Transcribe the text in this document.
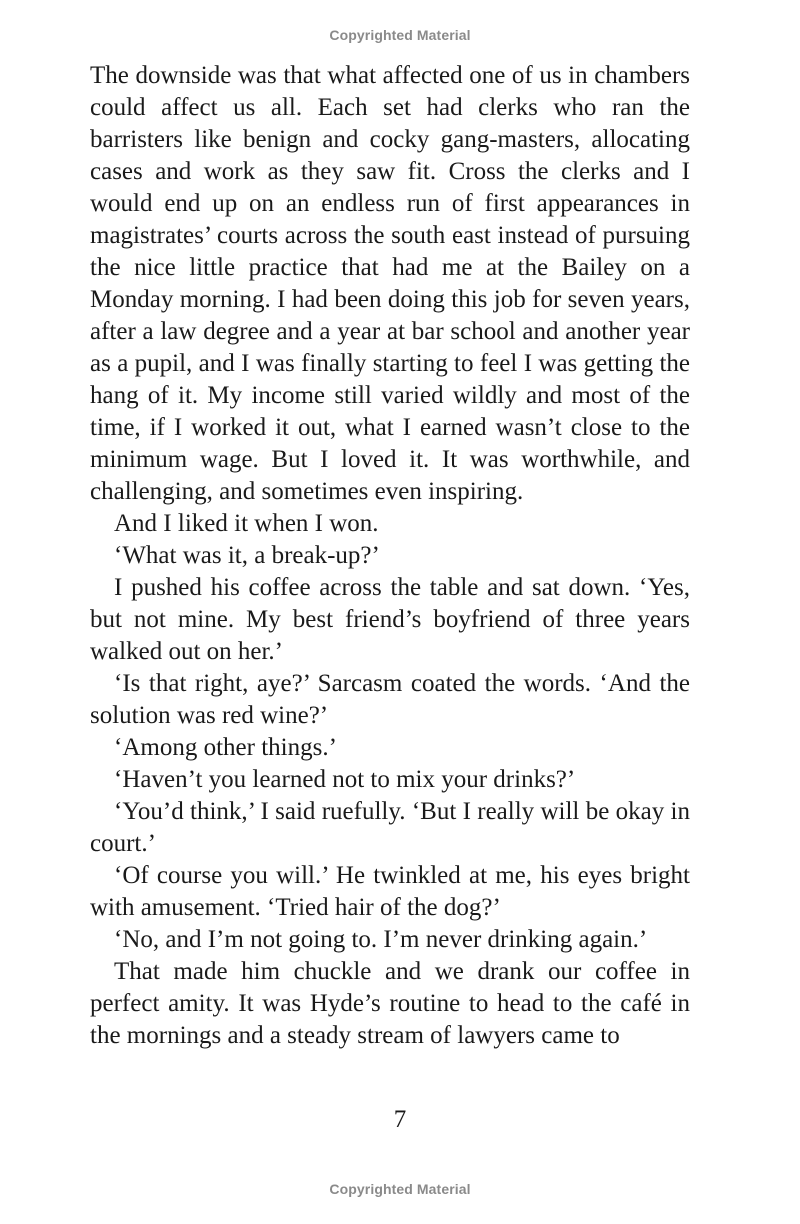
Copyrighted Material

The downside was that what affected one of us in chambers could affect us all. Each set had clerks who ran the barristers like benign and cocky gang-masters, allocating cases and work as they saw fit. Cross the clerks and I would end up on an endless run of first appearances in magistrates’ courts across the south east instead of pursuing the nice little practice that had me at the Bailey on a Monday morning. I had been doing this job for seven years, after a law degree and a year at bar school and another year as a pupil, and I was finally starting to feel I was getting the hang of it. My income still varied wildly and most of the time, if I worked it out, what I earned wasn’t close to the minimum wage. But I loved it. It was worthwhile, and challenging, and sometimes even inspiring.

And I liked it when I won.

‘What was it, a break-up?’

I pushed his coffee across the table and sat down. ‘Yes, but not mine. My best friend’s boyfriend of three years walked out on her.’

‘Is that right, aye?’ Sarcasm coated the words. ‘And the solution was red wine?’

‘Among other things.’

‘Haven’t you learned not to mix your drinks?’

‘You’d think,’ I said ruefully. ‘But I really will be okay in court.’

‘Of course you will.’ He twinkled at me, his eyes bright with amusement. ‘Tried hair of the dog?’

‘No, and I’m not going to. I’m never drinking again.’

That made him chuckle and we drank our coffee in perfect amity. It was Hyde’s routine to head to the café in the mornings and a steady stream of lawyers came to

7
Copyrighted Material
